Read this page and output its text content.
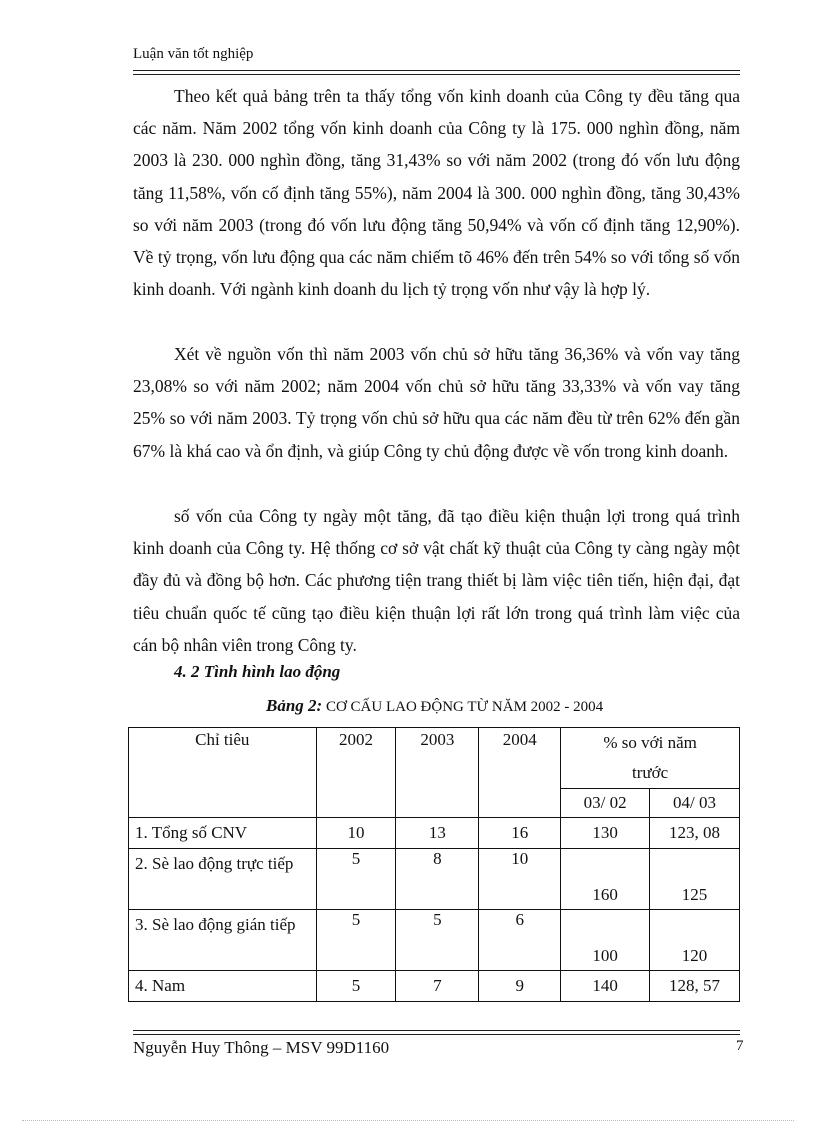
Luận văn tốt nghiệp

Theo kết quả bảng trên ta thấy tổng vốn kinh doanh của Công ty đều tăng qua các năm. Năm 2002 tổng vốn kinh doanh của Công ty là 175. 000 nghìn đồng, năm 2003 là 230. 000 nghìn đồng, tăng 31,43% so với năm 2002 (trong đó vốn lưu động tăng 11,58%, vốn cố định tăng 55%), năm 2004 là 300. 000 nghìn đồng, tăng 30,43% so với năm 2003 (trong đó vốn lưu động tăng 50,94% và vốn cố định tăng 12,90%). Về tỷ trọng, vốn lưu động qua các năm chiếm tõ 46% đến trên 54% so với tổng số vốn kinh doanh. Với ngành kinh doanh du lịch tỷ trọng vốn như vậy là hợp lý.

Xét về nguồn vốn thì năm 2003 vốn chủ sở hữu tăng 36,36% và vốn vay tăng 23,08% so với năm 2002; năm 2004 vốn chủ sở hữu tăng 33,33% và vốn vay tăng 25% so với năm 2003. Tỷ trọng vốn chủ sở hữu qua các năm đều từ trên 62% đến gần 67% là khá cao và ổn định, và giúp Công ty chủ động được về vốn trong kinh doanh.

số vốn của Công ty ngày một tăng, đã tạo điều kiện thuận lợi trong quá trình kinh doanh của Công ty. Hệ thống cơ sở vật chất kỹ thuật của Công ty càng ngày một đầy đủ và đồng bộ hơn. Các phương tiện trang thiết bị làm việc tiên tiến, hiện đại, đạt tiêu chuẩn quốc tế cũng tạo điều kiện thuận lợi rất lớn trong quá trình làm việc của cán bộ nhân viên trong Công ty.

4. 2 Tình hình lao động
Bảng 2: CƠ CẤU LAO ĐỘNG TỪ NĂM 2002 - 2004
Chỉ tiêu	2002	2003	2004	% so với năm trước	
				03/ 02	04/ 03
1. Tổng số CNV	10	13	16	130	123, 08
2. Sè lao động trực tiếp	5	8	10	160	125
3. Sè lao động gián tiếp	5	5	6	100	120
4. Nam	5	7	9	140	128, 57
Nguyễn Huy Thông – MSV 99D1160	7
